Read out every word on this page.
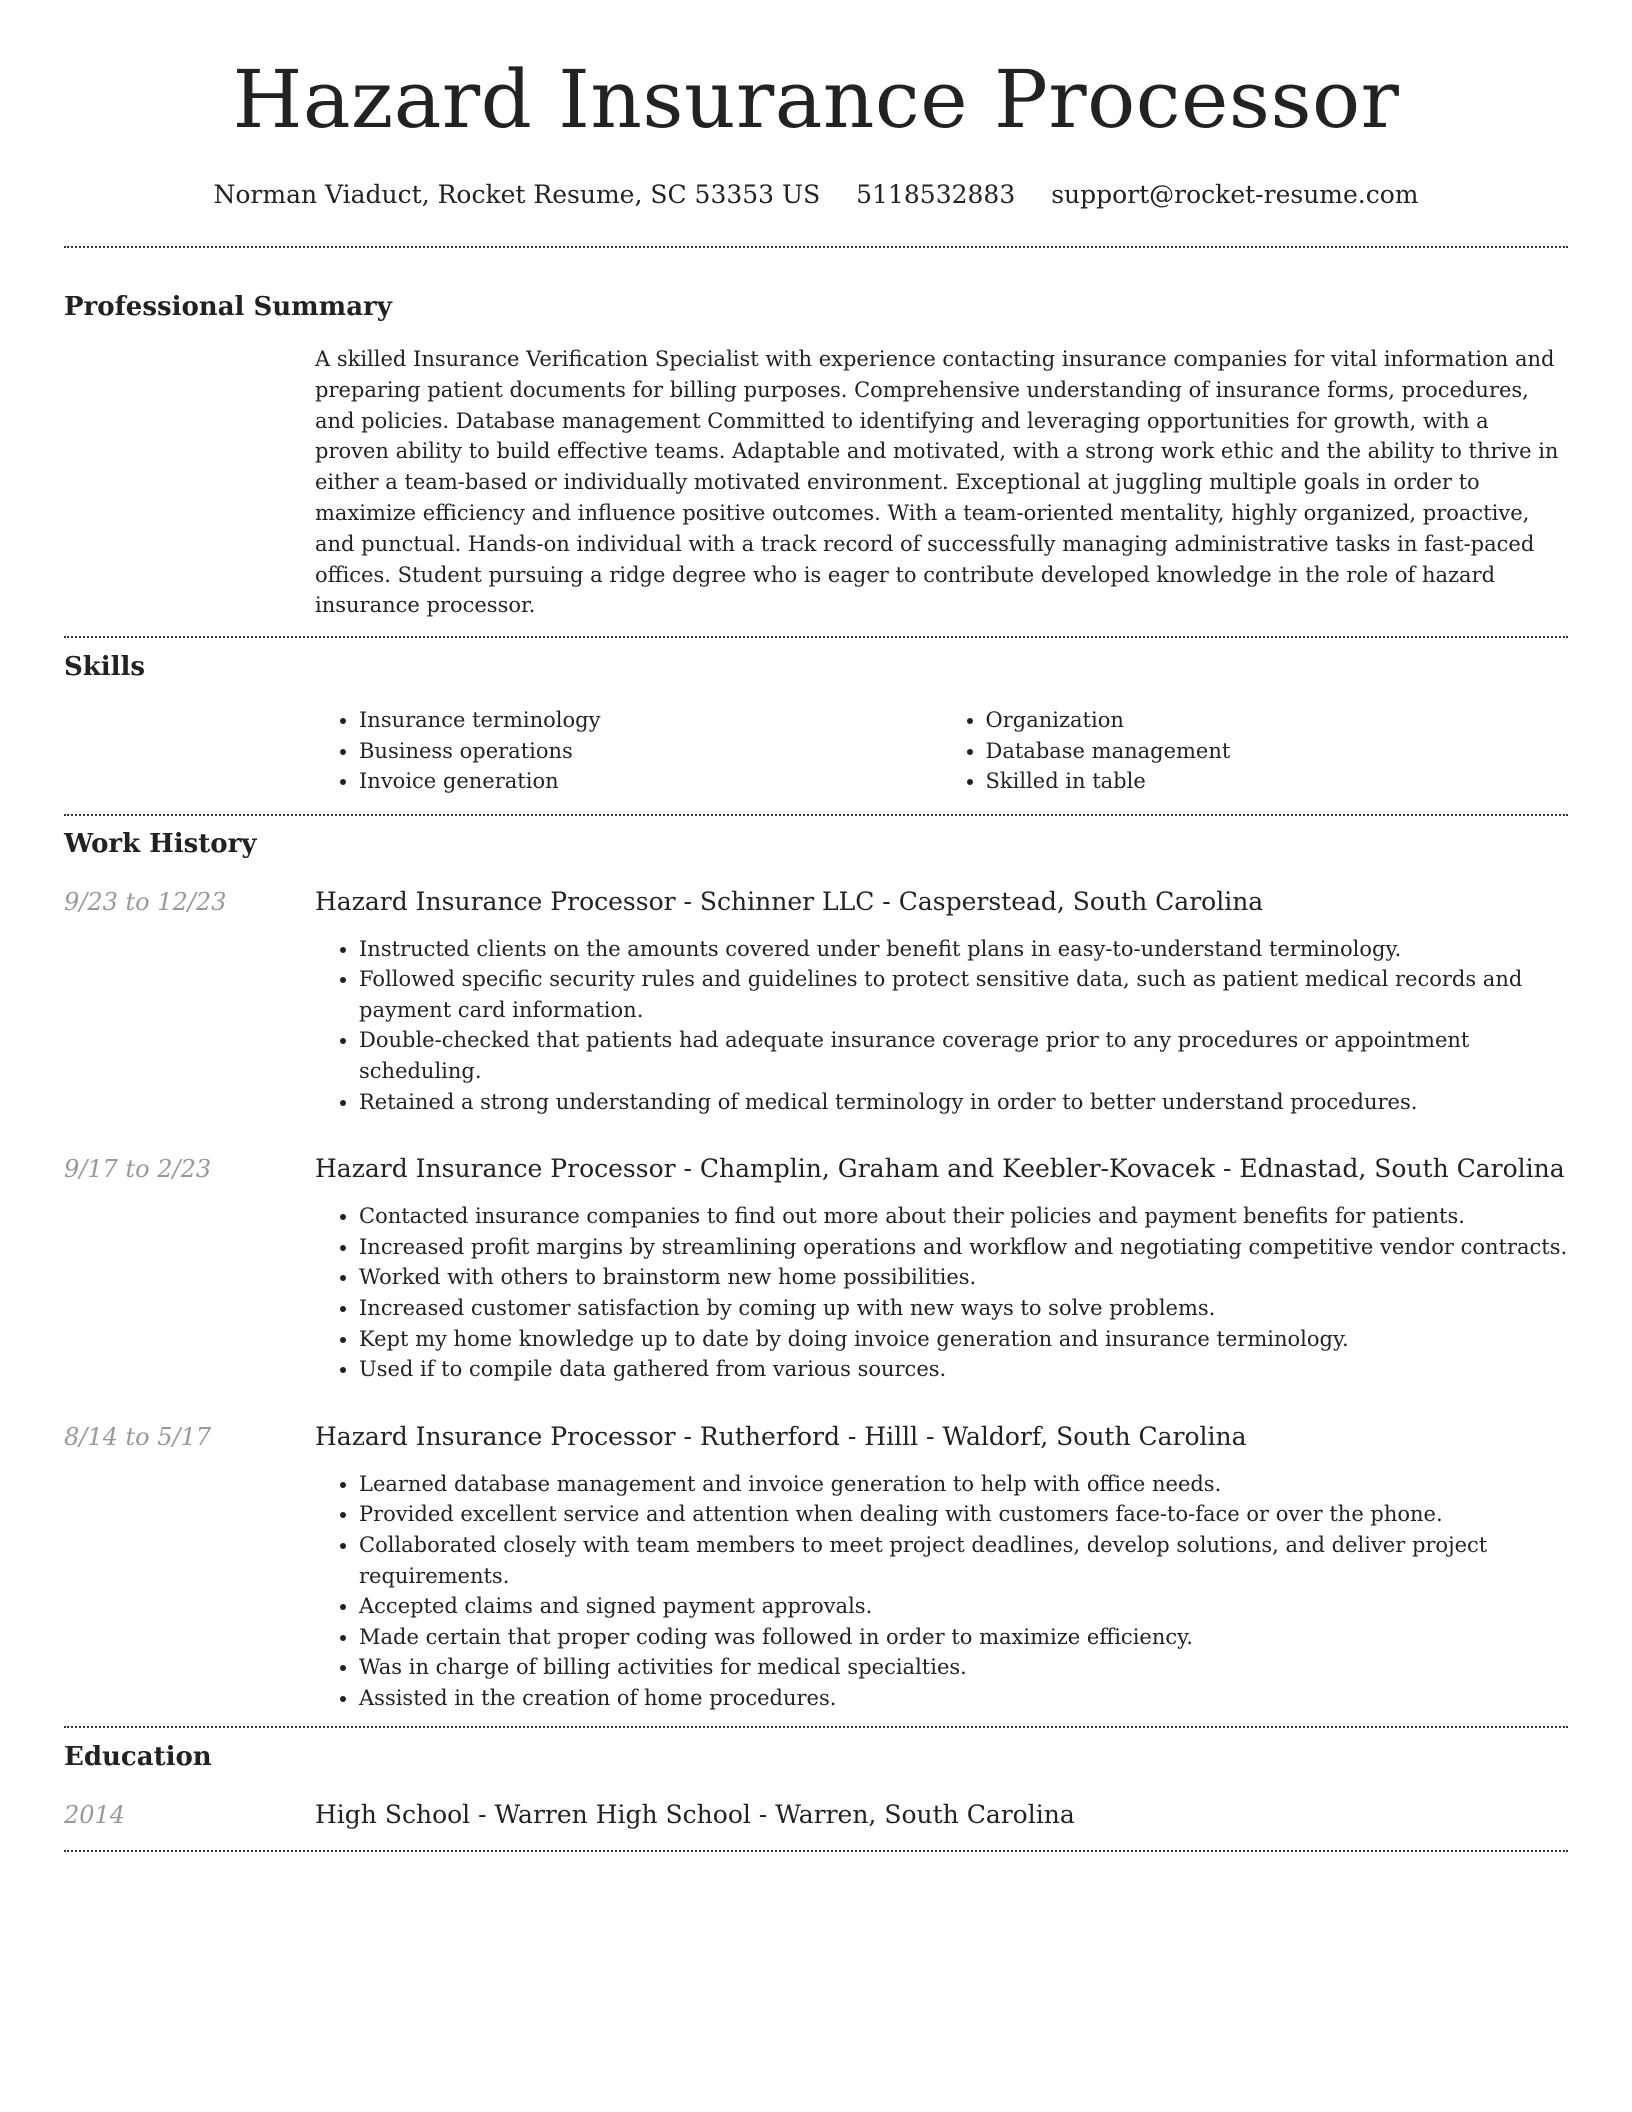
Hazard Insurance Processor
Norman Viaduct, Rocket Resume, SC 53353 US 5118532883 support@rocket-resume.com
Professional Summary
A skilled Insurance Verification Specialist with experience contacting insurance companies for vital information and preparing patient documents for billing purposes. Comprehensive understanding of insurance forms, procedures, and policies. Database management Committed to identifying and leveraging opportunities for growth, with a proven ability to build effective teams. Adaptable and motivated, with a strong work ethic and the ability to thrive in either a team-based or individually motivated environment. Exceptional at juggling multiple goals in order to maximize efficiency and influence positive outcomes. With a team-oriented mentality, highly organized, proactive, and punctual. Hands-on individual with a track record of successfully managing administrative tasks in fast-paced offices. Student pursuing a ridge degree who is eager to contribute developed knowledge in the role of hazard insurance processor.
Skills
• Insurance terminology
• Business operations
• Invoice generation
• Organization
• Database management
• Skilled in table
Work History
9/23 to 12/23	Hazard Insurance Processor - Schinner LLC - Casperstead, South Carolina
• Instructed clients on the amounts covered under benefit plans in easy-to-understand terminology.
• Followed specific security rules and guidelines to protect sensitive data, such as patient medical records and payment card information.
• Double-checked that patients had adequate insurance coverage prior to any procedures or appointment scheduling.
• Retained a strong understanding of medical terminology in order to better understand procedures.
9/17 to 2/23	Hazard Insurance Processor - Champlin, Graham and Keebler-Kovacek - Ednastad, South Carolina
• Contacted insurance companies to find out more about their policies and payment benefits for patients.
• Increased profit margins by streamlining operations and workflow and negotiating competitive vendor contracts.
• Worked with others to brainstorm new home possibilities.
• Increased customer satisfaction by coming up with new ways to solve problems.
• Kept my home knowledge up to date by doing invoice generation and insurance terminology.
• Used if to compile data gathered from various sources.
8/14 to 5/17	Hazard Insurance Processor - Rutherford - Hilll - Waldorf, South Carolina
• Learned database management and invoice generation to help with office needs.
• Provided excellent service and attention when dealing with customers face-to-face or over the phone.
• Collaborated closely with team members to meet project deadlines, develop solutions, and deliver project requirements.
• Accepted claims and signed payment approvals.
• Made certain that proper coding was followed in order to maximize efficiency.
• Was in charge of billing activities for medical specialties.
• Assisted in the creation of home procedures.
Education
2014	High School - Warren High School - Warren, South Carolina
